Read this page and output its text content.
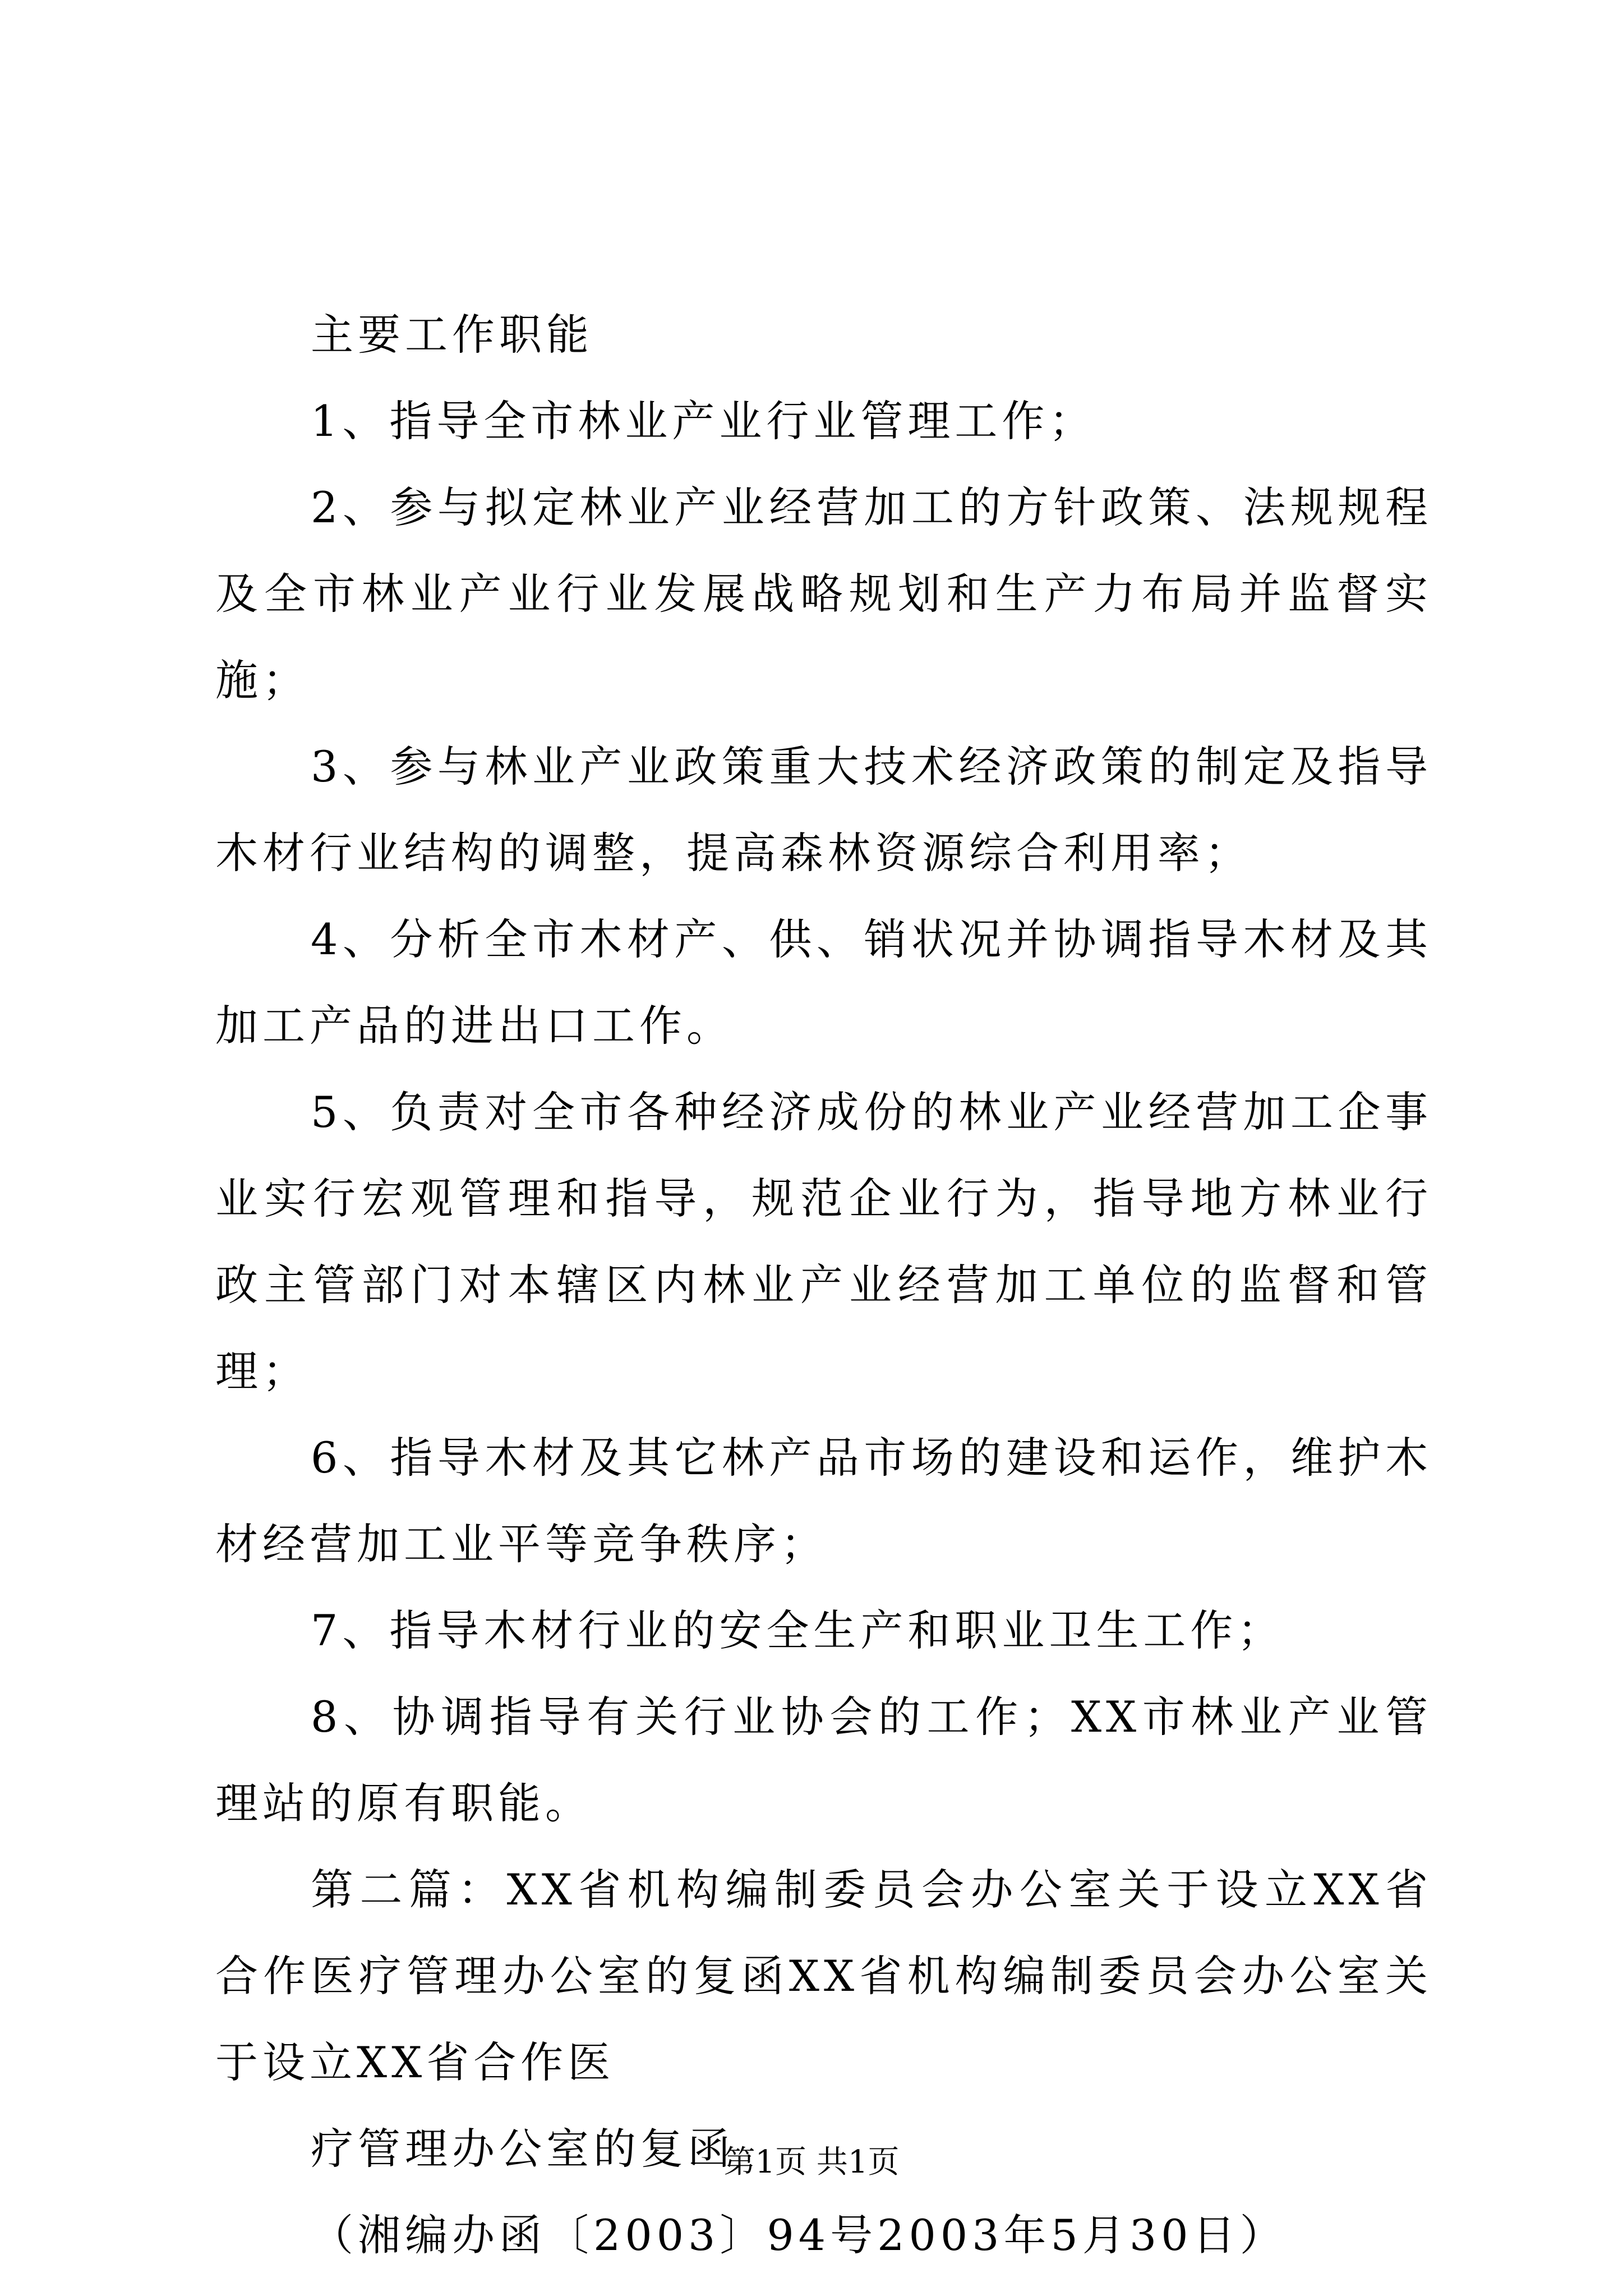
主要工作职能

1、指导全市林业产业行业管理工作；

2、参与拟定林业产业经营加工的方针政策、法规规程及全市林业产业行业发展战略规划和生产力布局并监督实施；

3、参与林业产业政策重大技术经济政策的制定及指导木材行业结构的调整，提高森林资源综合利用率；

4、分析全市木材产、供、销状况并协调指导木材及其加工产品的进出口工作。

5、负责对全市各种经济成份的林业产业经营加工企事业实行宏观管理和指导，规范企业行为，指导地方林业行政主管部门对本辖区内林业产业经营加工单位的监督和管理；

6、指导木材及其它林产品市场的建设和运作，维护木材经营加工业平等竞争秩序；

7、指导木材行业的安全生产和职业卫生工作；

8、协调指导有关行业协会的工作；XX市林业产业管理站的原有职能。

第二篇：XX省机构编制委员会办公室关于设立XX省合作医疗管理办公室的复函XX省机构编制委员会办公室关于设立XX省合作医

疗管理办公室的复函

（湘编办函〔2003〕94号2003年5月30日）

第1页 共1页
